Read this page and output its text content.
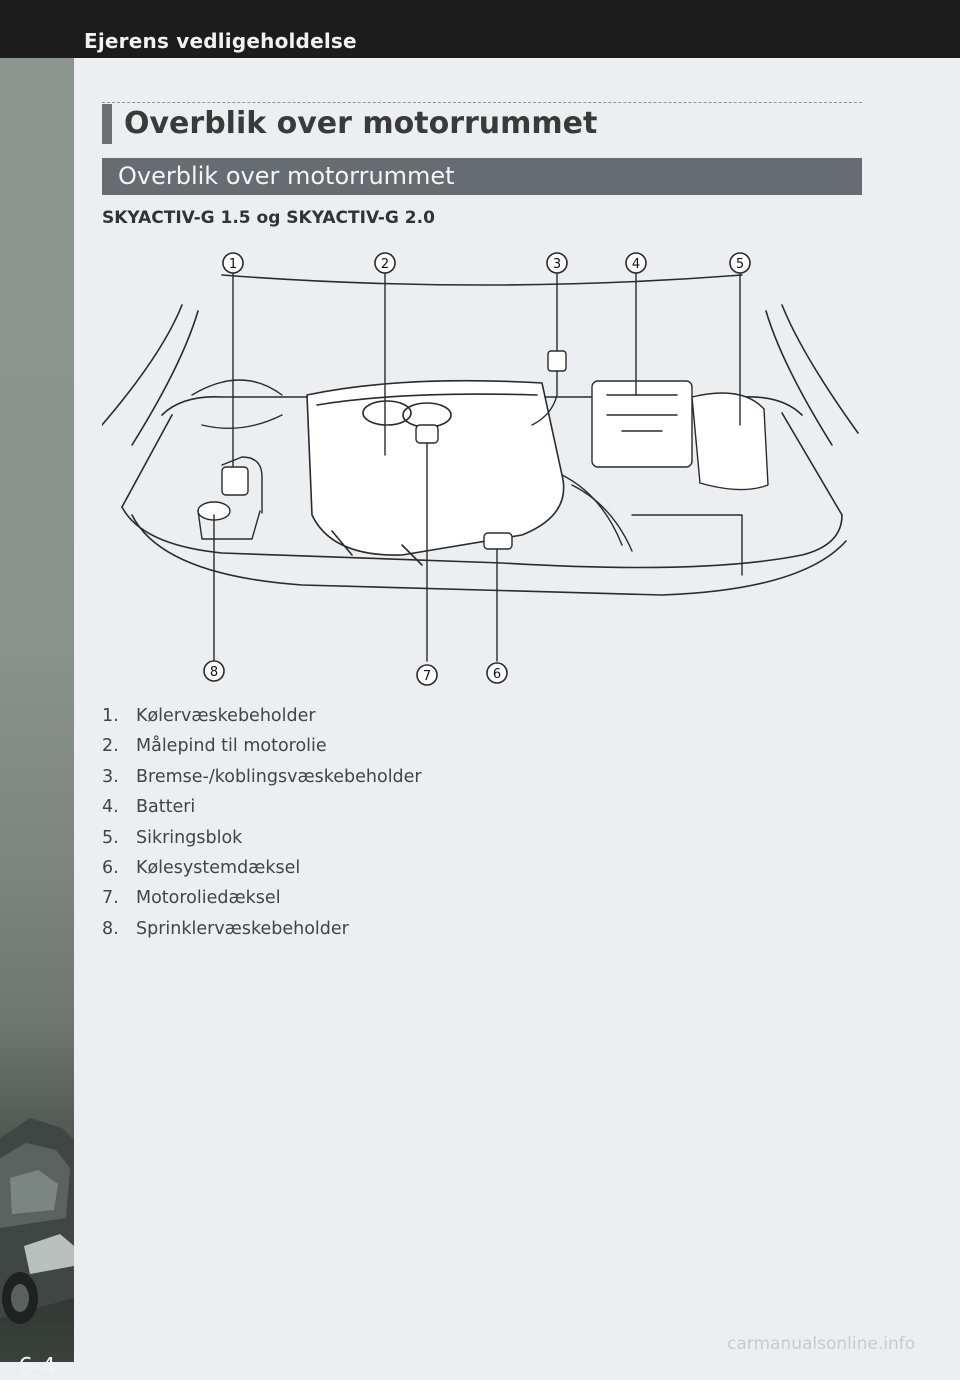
Ejerens vedligeholdelse
6-4
Overblik over motorrummet
Overblik over motorrummet
SKYACTIV-G 1.5 og SKYACTIV-G 2.0
1	2	3	4	5
6
7
8
1. Kølervæskebeholder
2. Målepind til motorolie
3. Bremse-/koblingsvæskebeholder
4. Batteri
5. Sikringsblok
6. Kølesystemdæksel
7. Motoroliedæksel
8. Sprinklervæskebeholder
carmanualsonline.info
